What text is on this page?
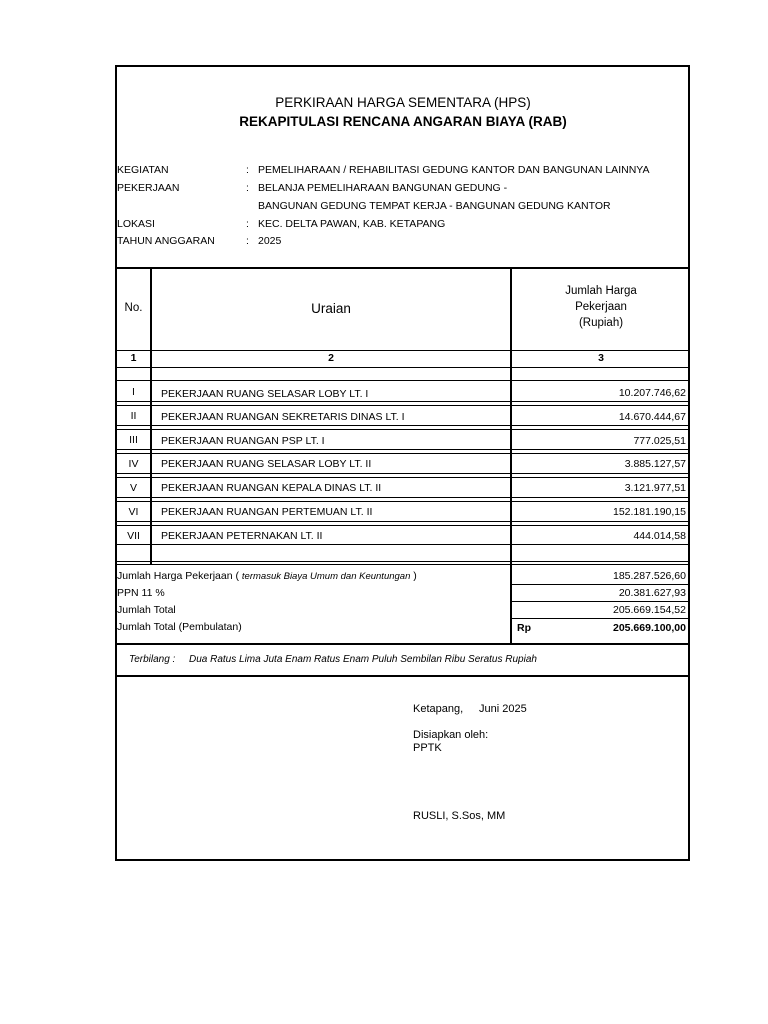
PERKIRAAN HARGA SEMENTARA (HPS)
REKAPITULASI RENCANA ANGARAN BIAYA (RAB)
KEGIATAN	: PEMELIHARAAN / REHABILITASI GEDUNG KANTOR DAN BANGUNAN LAINNYA
PEKERJAAN	: BELANJA PEMELIHARAAN BANGUNAN GEDUNG -
BANGUNAN GEDUNG TEMPAT KERJA - BANGUNAN GEDUNG KANTOR
LOKASI	: KEC. DELTA PAWAN, KAB. KETAPANG
TAHUN ANGGARAN	: 2025
No.	Uraian
Jumlah Harga
Pekerjaan
(Rupiah)
1	2	3
I	PEKERJAAN RUANG SELASAR LOBY LT. I	10.207.746,62
II	PEKERJAAN RUANGAN SEKRETARIS DINAS LT. I	14.670.444,67
III	PEKERJAAN RUANGAN PSP LT. I	777.025,51
IV	PEKERJAAN RUANG SELASAR LOBY LT. II	3.885.127,57
V	PEKERJAAN RUANGAN KEPALA DINAS LT. II	3.121.977,51
VI	PEKERJAAN RUANGAN PERTEMUAN LT. II	152.181.190,15
VII	PEKERJAAN PETERNAKAN LT. II	444.014,58
Jumlah Harga Pekerjaan ( termasuk Biaya Umum dan Keuntungan )	185.287.526,60
PPN 11 %	20.381.627,93
Jumlah Total	205.669.154,52
Jumlah Total (Pembulatan)	Rp	205.669.100,00
Terbilang : Dua Ratus Lima Juta Enam Ratus Enam Puluh Sembilan Ribu Seratus Rupiah
Ketapang, Juni 2025
Disiapkan oleh:
PPTK
RUSLI, S.Sos, MM
